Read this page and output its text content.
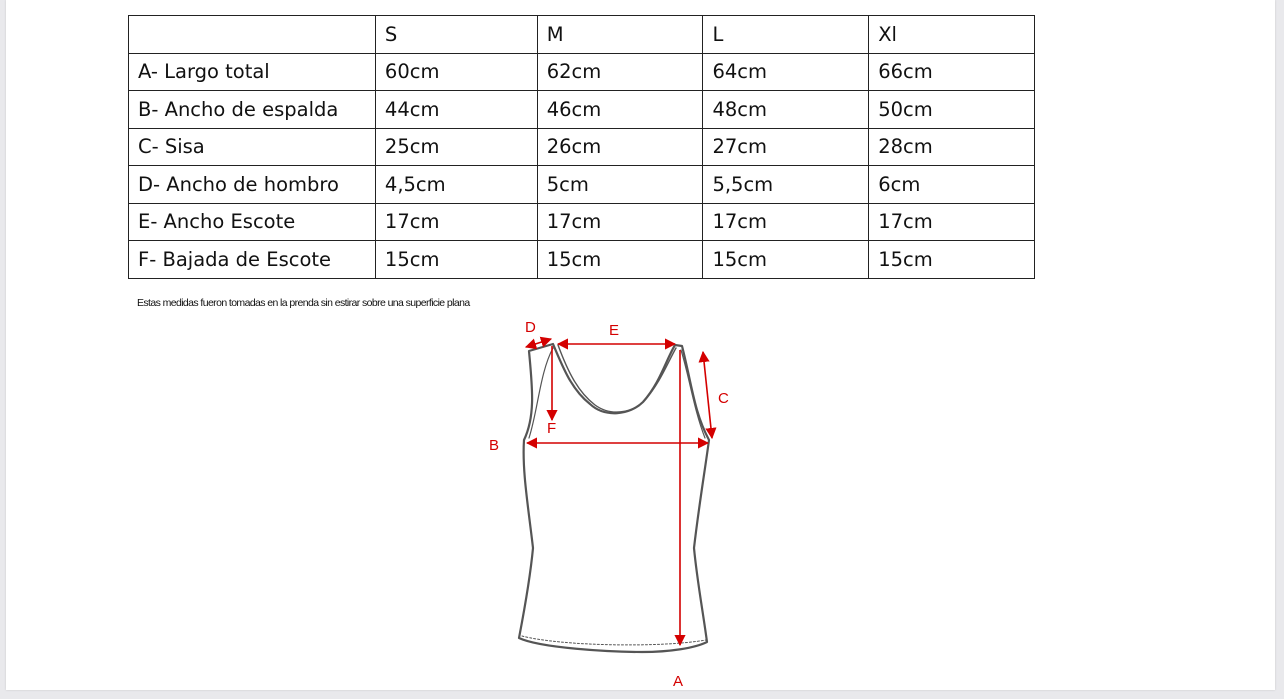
	S	M	L	Xl
A- Largo total	60cm	62cm	64cm	66cm
B- Ancho de espalda	44cm	46cm	48cm	50cm
C- Sisa	25cm	26cm	27cm	28cm
D- Ancho de hombro	4,5cm	5cm	5,5cm	6cm
E- Ancho Escote	17cm	17cm	17cm	17cm
F- Bajada de Escote	15cm	15cm	15cm	15cm
Estas medidas fueron tomadas en la prenda sin estirar sobre una superficie plana
A
B
C
D	E
F
